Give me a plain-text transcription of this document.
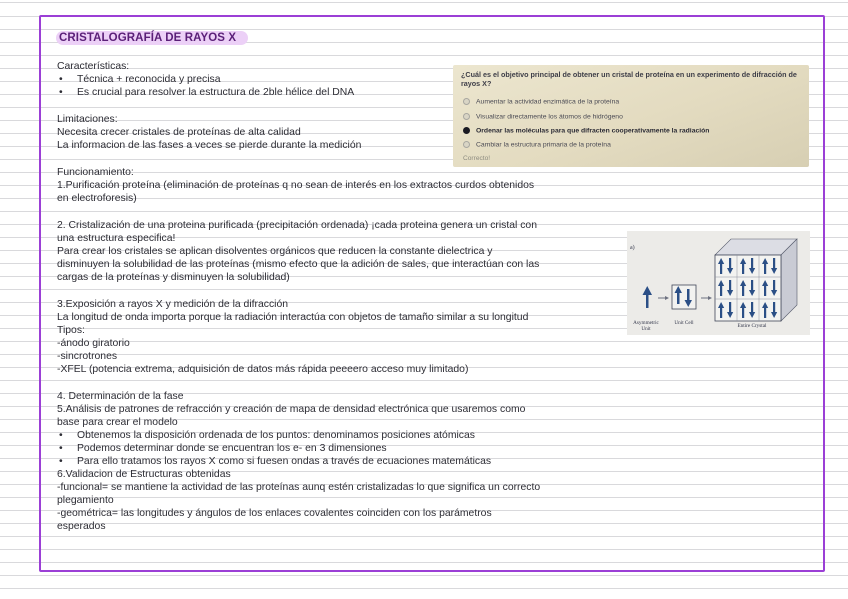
CRISTALOGRAFÍA DE RAYOS X
Características:
• Técnica + reconocida y precisa
• Es crucial para resolver la estructura de 2ble hélice del DNA
Limitaciones:
Necesita crecer cristales de proteínas de alta calidad
La informacion de las fases a veces se pierde durante la medición
Funcionamiento:
1.Purificación proteína (eliminación de proteínas q no sean de interés en los extractos curdos obtenidos
en electroforesis)
2. Cristalización de una proteina purificada (precipitación ordenada) ¡cada proteina genera un cristal con
una estructura especifica!
Para crear los cristales se aplican disolventes orgánicos que reducen la constante dielectrica y
disminuyen la solubilidad de las proteínas (mismo efecto que la adición de sales, que interactúan con las
cargas de la proteínas y disminuyen la solubilidad)
3.Exposición a rayos X y medición de la difracción
La longitud de onda importa porque la radiación interactúa con objetos de tamaño similar a su longitud
Tipos:
-ánodo giratorio
-sincrotrones
-XFEL (potencia extrema, adquisición de datos más rápida peeeero acceso muy limitado)
4. Determinación de la fase
5.Análisis de patrones de refracción y creación de mapa de densidad electrónica que usaremos como
base para crear el modelo
• Obtenemos la disposición ordenada de los puntos: denominamos posiciones atómicas
• Podemos determinar donde se encuentran los e- en 3 dimensiones
• Para ello tratamos los rayos X como si fuesen ondas a través de ecuaciones matemáticas
6.Validacion de Estructuras obtenidas
-funcional= se mantiene la actividad de las proteínas aunq estén cristalizadas lo que significa un correcto
plegamiento
-geométrica= las longitudes y ángulos de los enlaces covalentes coinciden con los parámetros
esperados
¿Cuál es el objetivo principal de obtener un cristal de proteína en un experimento de difracción de rayos X?
Aumentar la actividad enzimática de la proteína
Visualizar directamente los átomos de hidrógeno
Ordenar las moléculas para que difracten cooperativamente la radiación
Cambiar la estructura primaria de la proteína
Correcto!
a)
Asymmetric Unit
Unit Cell	Entire Crystal
